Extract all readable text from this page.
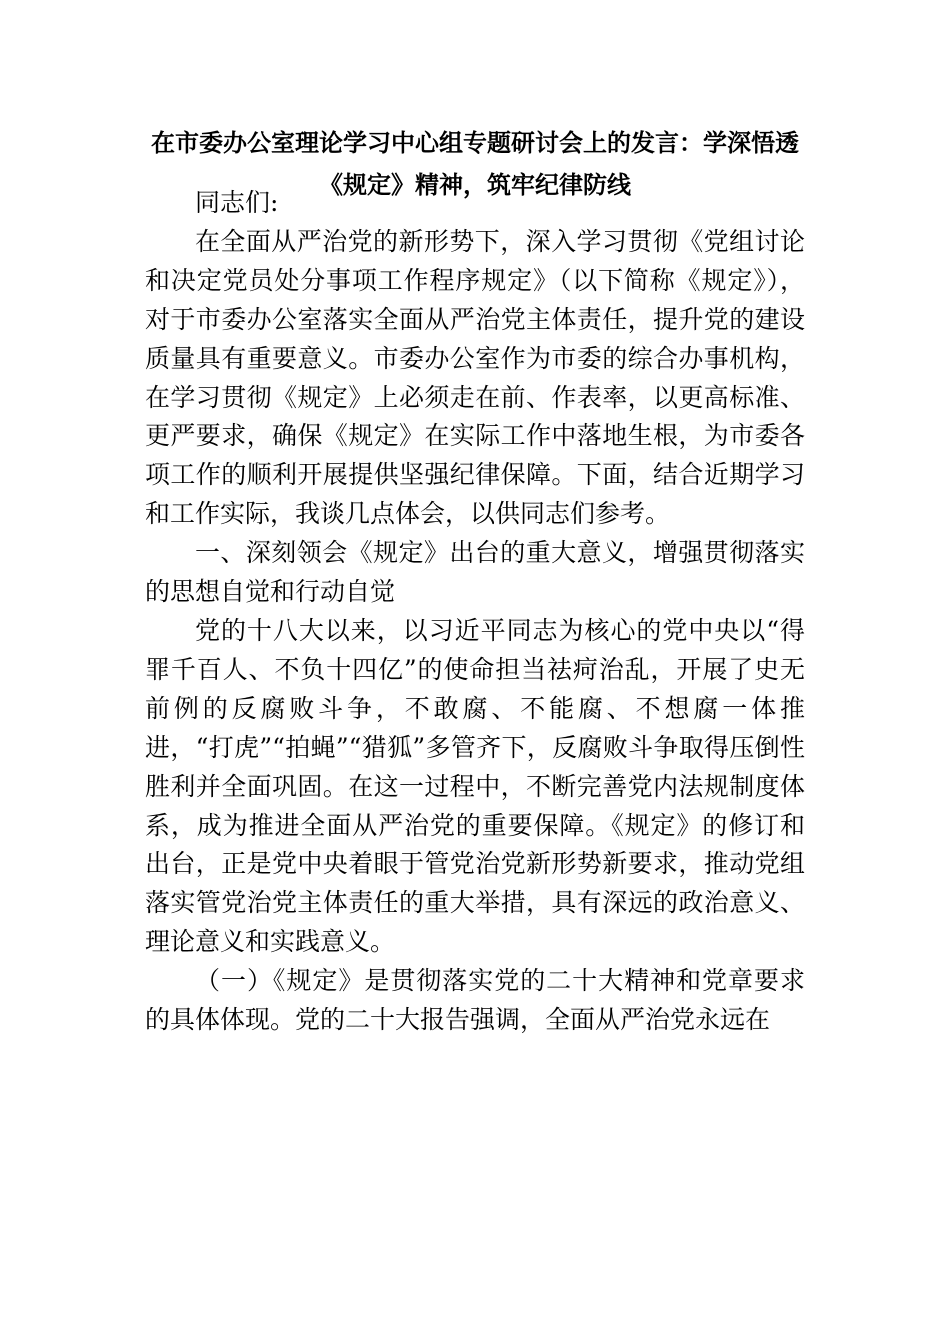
在市委办公室理论学习中心组专题研讨会上的发言：学深悟透《规定》精神，筑牢纪律防线

同志们:

在全面从严治党的新形势下，深入学习贯彻《党组讨论和决定党员处分事项工作程序规定》（以下简称《规定》），对于市委办公室落实全面从严治党主体责任，提升党的建设质量具有重要意义。市委办公室作为市委的综合办事机构，在学习贯彻《规定》上必须走在前、作表率，以更高标准、更严要求，确保《规定》在实际工作中落地生根，为市委各项工作的顺利开展提供坚强纪律保障。下面，结合近期学习和工作实际，我谈几点体会，以供同志们参考。

一、深刻领会《规定》出台的重大意义，增强贯彻落实的思想自觉和行动自觉

党的十八大以来，以习近平同志为核心的党中央以“得罪千百人、不负十四亿”的使命担当祛疴治乱，开展了史无前例的反腐败斗争，不敢腐、不能腐、不想腐一体推进，“打虎”“拍蝇”“猎狐”多管齐下，反腐败斗争取得压倒性胜利并全面巩固。在这一过程中，不断完善党内法规制度体系，成为推进全面从严治党的重要保障。《规定》的修订和出台，正是党中央着眼于管党治党新形势新要求，推动党组落实管党治党主体责任的重大举措，具有深远的政治意义、理论意义和实践意义。

（一）《规定》是贯彻落实党的二十大精神和党章要求的具体体现。党的二十大报告强调，全面从严治党永远在
